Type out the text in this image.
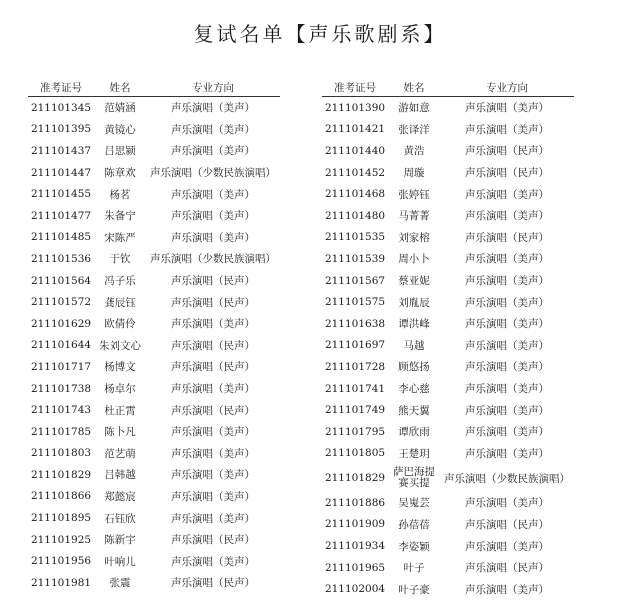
复试名单【声乐歌剧系】
准考证号	姓名	专业方向
211101345	范婧涵	声乐演唱（美声）
211101395	黄镜心	声乐演唱（美声）
211101437	吕思颍	声乐演唱（美声）
211101447	陈章欢	声乐演唱（少数民族演唱）
211101455	杨茗	声乐演唱（美声）
211101477	朱备宁	声乐演唱（美声）
211101485	宋陈严	声乐演唱（美声）
211101536	于钦	声乐演唱（少数民族演唱）
211101564	冯子乐	声乐演唱（民声）
211101572	龚辰钰	声乐演唱（民声）
211101629	欧倩伶	声乐演唱（美声）
211101644 朱刘文心	声乐演唱（民声）
211101717	杨博文	声乐演唱（民声）
211101738	杨卓尔	声乐演唱（美声）
211101743	杜正霄	声乐演唱（民声）
211101785	陈卜凡	声乐演唱（美声）
211101803	范艺萌	声乐演唱（美声）
211101829	吕韩越	声乐演唱（美声）
211101866	郑懿宸	声乐演唱（美声）
211101895	石钰欣	声乐演唱（美声）
211101925	陈新宇	声乐演唱（民声）
211101956	叶响儿	声乐演唱（美声）
211101981	张震	声乐演唱（民声）
准考证号	姓名	专业方向
211101390	游如意	声乐演唱（美声）
211101421	张译洋	声乐演唱（美声）
211101440	黄浩	声乐演唱（民声）
211101452	周璇	声乐演唱（民声）
211101468	张婷钰	声乐演唱（美声）
211101480	马菁菁	声乐演唱（美声）
211101535	刘家榕	声乐演唱（民声）
211101539	周小卜	声乐演唱（美声）
211101567	蔡亚妮	声乐演唱（美声）
211101575	刘胤辰	声乐演唱（美声）
211101638	谭洪峰	声乐演唱（美声）
211101697	马越	声乐演唱（美声）
211101728	顾悠扬	声乐演唱（美声）
211101741	李心慈	声乐演唱（美声）
211101749	熊天翼	声乐演唱（美声）
211101795	谭欣雨	声乐演唱（美声）
211101805	王楚玥	声乐演唱（美声）
211101829 萨巴海提
赛买提	声乐演唱（少数民族演唱）
211101886	吴嵬芸	声乐演唱（美声）
211101909	孙蓓蓓	声乐演唱（民声）
211101934	李姿颖	声乐演唱（美声）
211101965	叶子	声乐演唱（民声）
211102004	叶子豪	声乐演唱（美声）
